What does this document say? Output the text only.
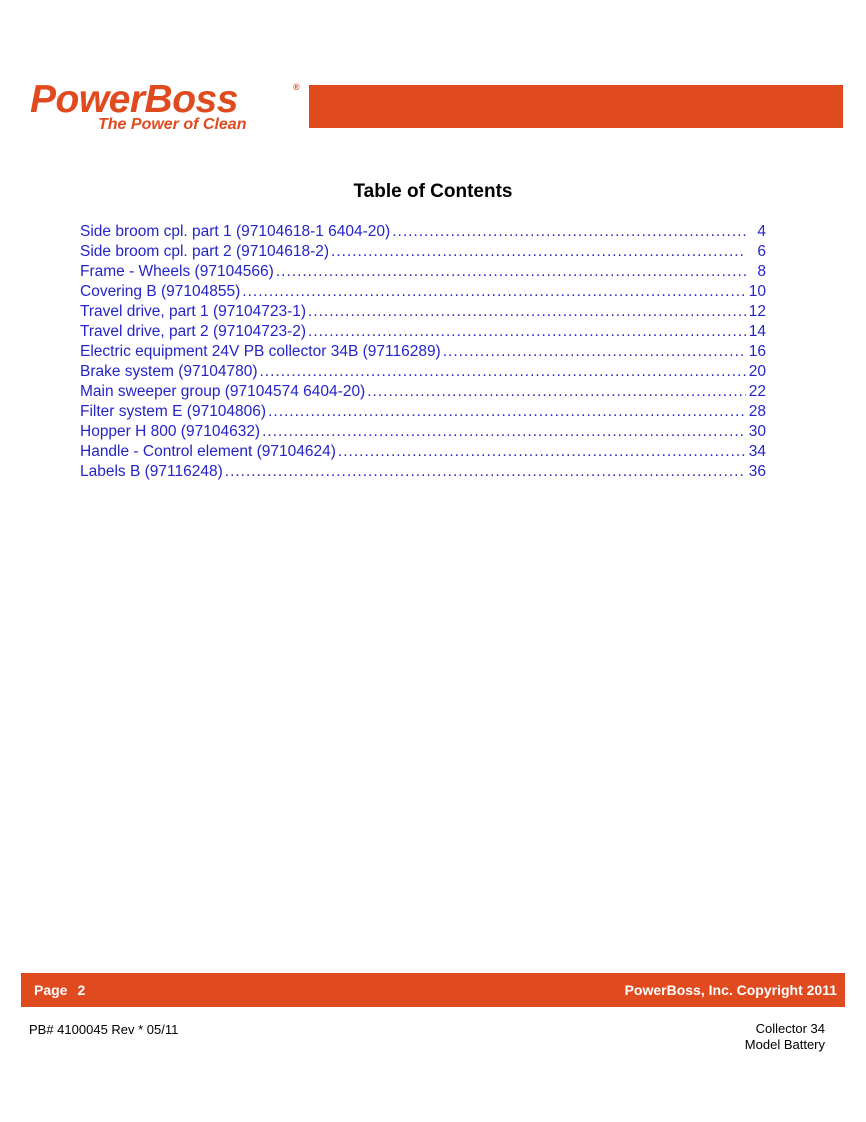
PowerBoss	®
The Power of Clean
Table of Contents
Side broom cpl. part 1 (97104618-1 6404-20) .....	4
Side broom cpl. part 2 (97104618-2) .....	6
Frame - Wheels (97104566) .....	8
Covering B (97104855) .....	10
Travel drive, part 1 (97104723-1) .....	12
Travel drive, part 2 (97104723-2) .....	14
Electric equipment 24V PB collector 34B (97116289) .....	16
Brake system (97104780) .....	20
Main sweeper group (97104574 6404-20) .....	22
Filter system E (97104806) .....	28
Hopper H 800 (97104632) .....	30
Handle - Control element (97104624) .....	34
Labels B (97116248) .....	36
Page 2	PowerBoss, Inc. Copyright 2011
PB# 4100045 Rev * 05/11	Collector 34
Model Battery
